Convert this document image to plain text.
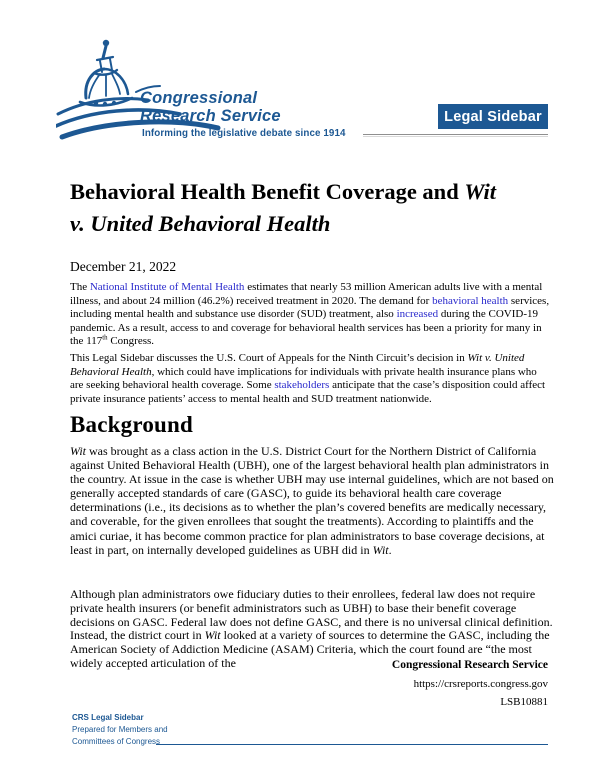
Congressional
Research Service
Informing the legislative debate since 1914
Legal Sidebar
Behavioral Health Benefit Coverage and Wit
v. United Behavioral Health
December 21, 2022
The National Institute of Mental Health estimates that nearly 53 million American adults live with a mental illness, and about 24 million (46.2%) received treatment in 2020. The demand for behavioral health services, including mental health and substance use disorder (SUD) treatment, also increased during the COVID-19 pandemic. As a result, access to and coverage for behavioral health services has been a priority for many in the 117th Congress.
This Legal Sidebar discusses the U.S. Court of Appeals for the Ninth Circuit’s decision in Wit v. United Behavioral Health, which could have implications for individuals with private health insurance plans who are seeking behavioral health coverage. Some stakeholders anticipate that the case’s disposition could affect private insurance patients’ access to mental health and SUD treatment nationwide.
Background
Wit was brought as a class action in the U.S. District Court for the Northern District of California against United Behavioral Health (UBH), one of the largest behavioral health plan administrators in the country. At issue in the case is whether UBH may use internal guidelines, which are not based on generally accepted standards of care (GASC), to guide its behavioral health care coverage determinations (i.e., its decisions as to whether the plan’s covered benefits are medically necessary, and coverable, for the given enrollees that sought the treatments). According to plaintiffs and the amici curiae, it has become common practice for plan administrators to base coverage decisions, at least in part, on internally developed guidelines as UBH did in Wit.
Although plan administrators owe fiduciary duties to their enrollees, federal law does not require private health insurers (or benefit administrators such as UBH) to base their benefit coverage decisions on GASC. Federal law does not define GASC, and there is no universal clinical definition. Instead, the district court in Wit looked at a variety of sources to determine the GASC, including the American Society of Addiction Medicine (ASAM) Criteria, which the court found are “the most widely accepted articulation of the	Congressional Research Service
https://crsreports.congress.gov
LSB10881
CRS Legal Sidebar
Prepared for Members and
Committees of Congress
